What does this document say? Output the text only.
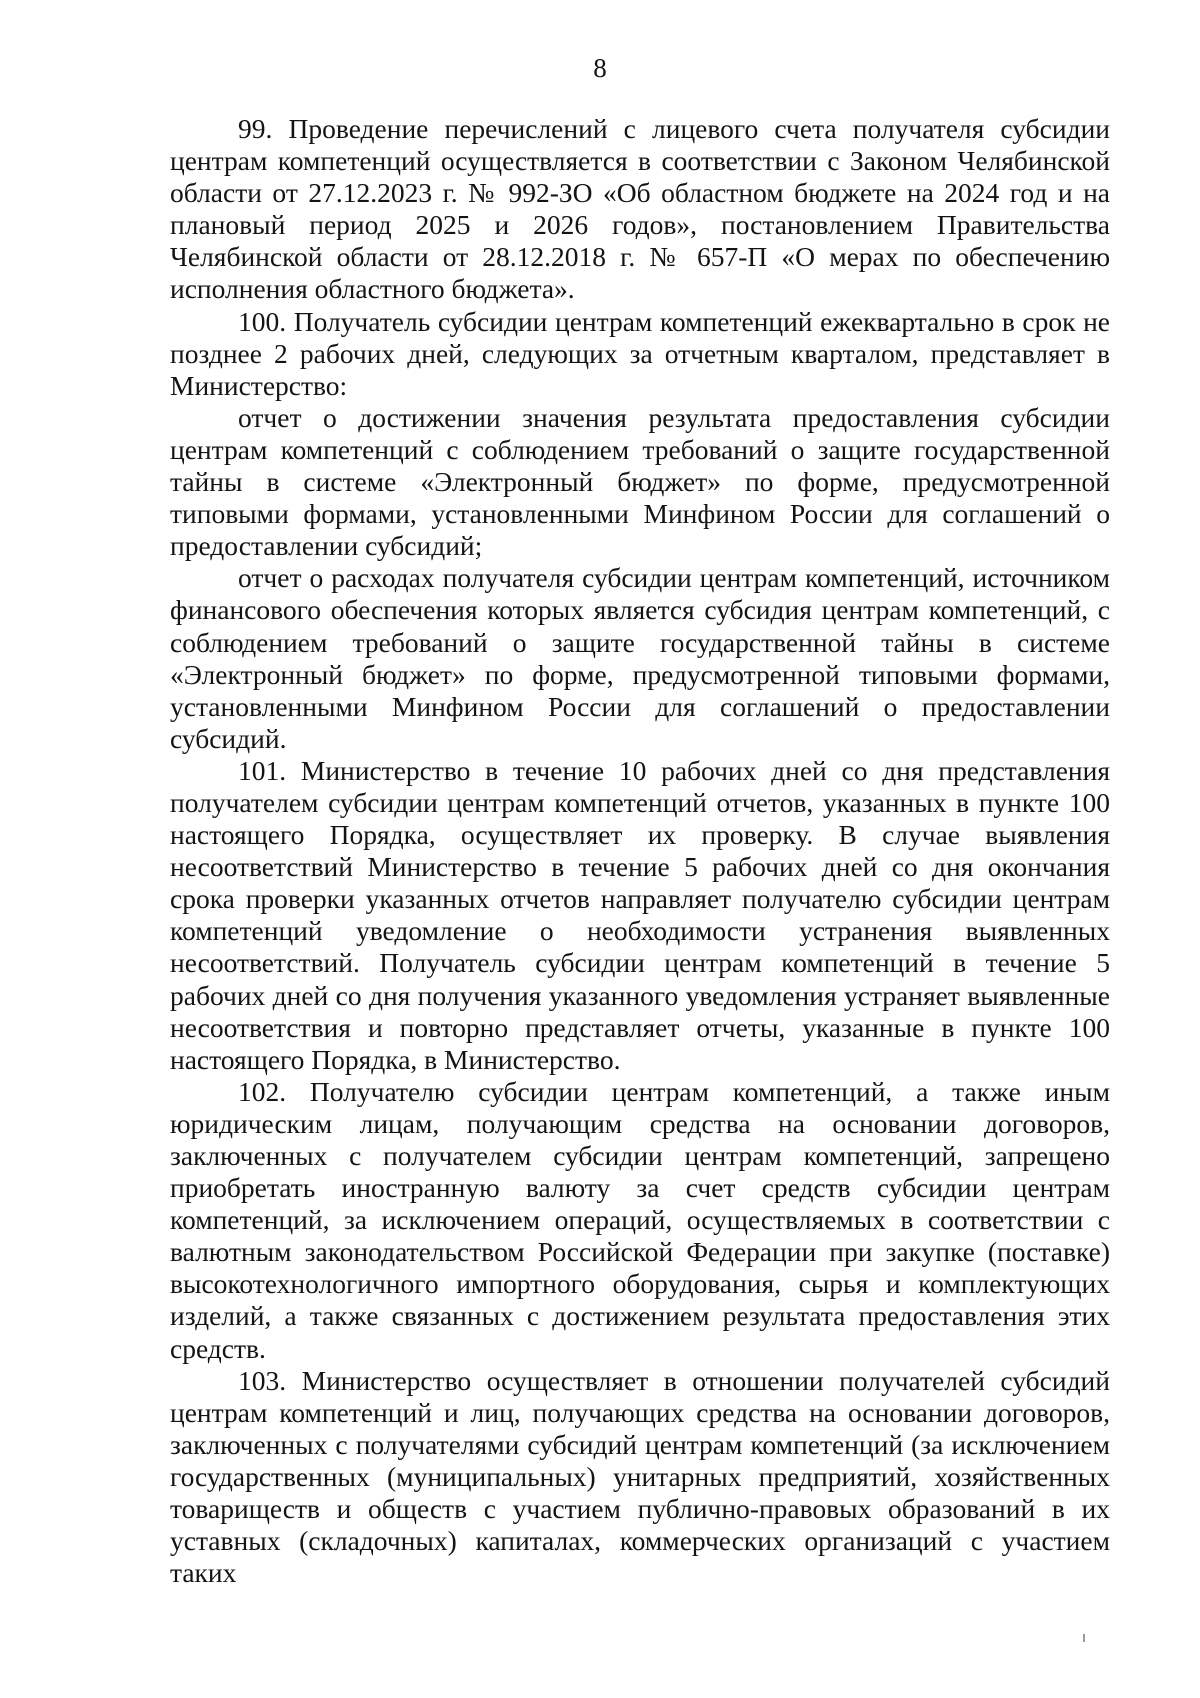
8

99. Проведение перечислений с лицевого счета получателя субсидии центрам компетенций осуществляется в соответствии с Законом Челябинской области от 27.12.2023 г. № 992-ЗО «Об областном бюджете на 2024 год и на плановый период 2025 и 2026 годов», постановлением Правительства Челябинской области от 28.12.2018 г. № 657-П «О мерах по обеспечению исполнения областного бюджета».

100. Получатель субсидии центрам компетенций ежеквартально в срок не позднее 2 рабочих дней, следующих за отчетным кварталом, представляет в Министерство:

отчет о достижении значения результата предоставления субсидии центрам компетенций с соблюдением требований о защите государственной тайны в системе «Электронный бюджет» по форме, предусмотренной типовыми формами, установленными Минфином России для соглашений о предоставлении субсидий;

отчет о расходах получателя субсидии центрам компетенций, источником финансового обеспечения которых является субсидия центрам компетенций, с соблюдением требований о защите государственной тайны в системе «Электронный бюджет» по форме, предусмотренной типовыми формами, установленными Минфином России для соглашений о предоставлении субсидий.

101. Министерство в течение 10 рабочих дней со дня представления получателем субсидии центрам компетенций отчетов, указанных в пункте 100 настоящего Порядка, осуществляет их проверку. В случае выявления несоответствий Министерство в течение 5 рабочих дней со дня окончания срока проверки указанных отчетов направляет получателю субсидии центрам компетенций уведомление о необходимости устранения выявленных несоответствий. Получатель субсидии центрам компетенций в течение 5 рабочих дней со дня получения указанного уведомления устраняет выявленные несоответствия и повторно представляет отчеты, указанные в пункте 100 настоящего Порядка, в Министерство.

102. Получателю субсидии центрам компетенций, а также иным юридическим лицам, получающим средства на основании договоров, заключенных с получателем субсидии центрам компетенций, запрещено приобретать иностранную валюту за счет средств субсидии центрам компетенций, за исключением операций, осуществляемых в соответствии с валютным законодательством Российской Федерации при закупке (поставке) высокотехнологичного импортного оборудования, сырья и комплектующих изделий, а также связанных с достижением результата предоставления этих средств.

103. Министерство осуществляет в отношении получателей субсидий центрам компетенций и лиц, получающих средства на основании договоров, заключенных с получателями субсидий центрам компетенций (за исключением государственных (муниципальных) унитарных предприятий, хозяйственных товариществ и обществ с участием публично-правовых образований в их уставных (складочных) капиталах, коммерческих организаций с участием таких
